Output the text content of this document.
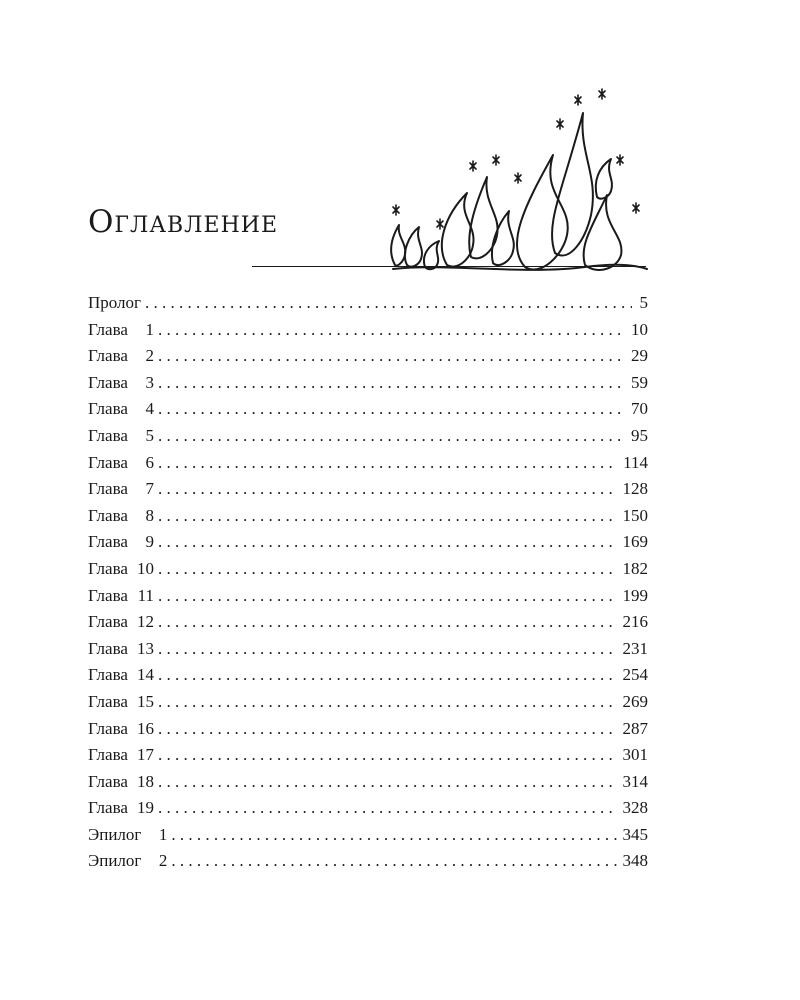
Оглавление
Пролог . . .	5
Глава 1 . . .	10
Глава 2 . . .	29
Глава 3 . . .	59
Глава 4 . . .	70
Глава 5 . . .	95
Глава 6 . . .	114
Глава 7 . . .	128
Глава 8 . . .	150
Глава 9 . . .	169
Глава 10 . . .	182
Глава 11 . . .	199
Глава 12 . . .	216
Глава 13 . . .	231
Глава 14 . . .	254
Глава 15 . . .	269
Глава 16 . . .	287
Глава 17 . . .	301
Глава 18 . . .	314
Глава 19 . . .	328
Эпилог 1 . . .	345
Эпилог 2 . . .	348
